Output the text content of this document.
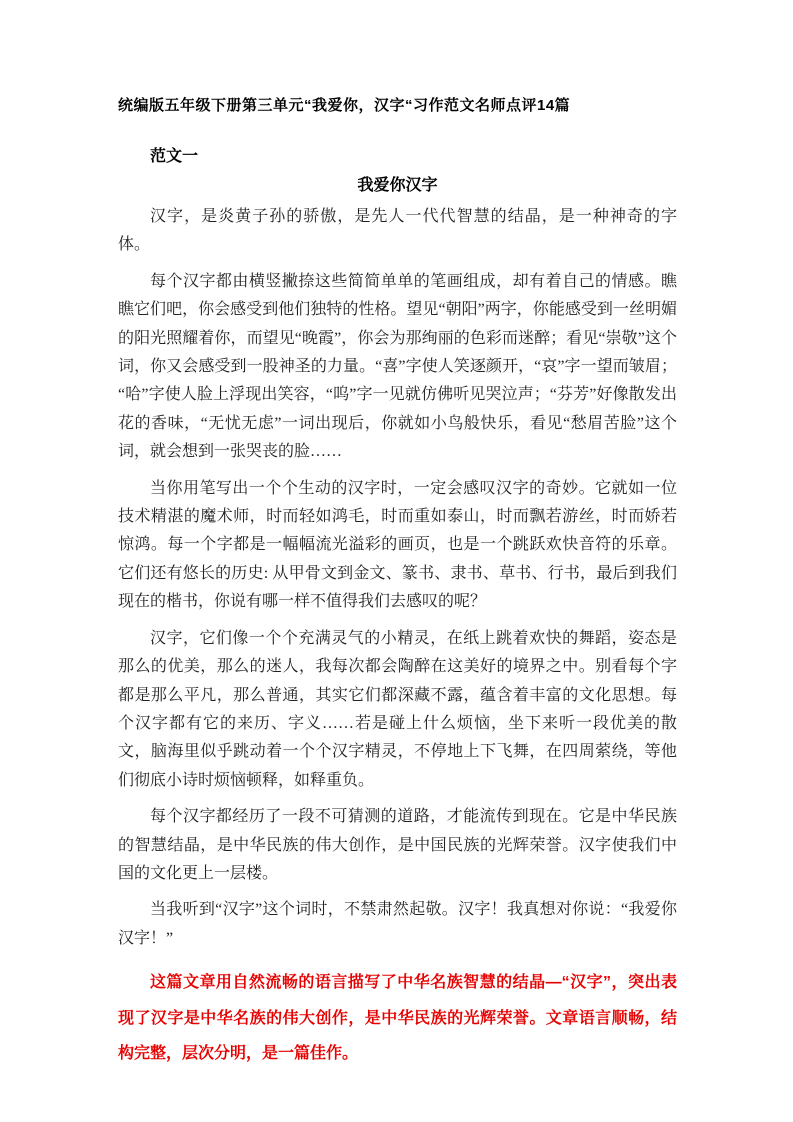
统编版五年级下册第三单元“我爱你，汉字“习作范文名师点评14篇
范文一
我爱你汉字

汉字，是炎黄子孙的骄傲，是先人一代代智慧的结晶，是一种神奇的字体。

每个汉字都由横竖撇捺这些简简单单的笔画组成，却有着自己的情感。瞧瞧它们吧，你会感受到他们独特的性格。望见“朝阳”两字，你能感受到一丝明媚的阳光照耀着你，而望见“晚霞”，你会为那绚丽的色彩而迷醉；看见“崇敬”这个词，你又会感受到一股神圣的力量。“喜”字使人笑逐颜开，“哀”字一望而皱眉；“哈”字使人脸上浮现出笑容，“呜”字一见就仿佛听见哭泣声；“芬芳”好像散发出花的香味，“无忧无虑”一词出现后，你就如小鸟般快乐，看见“愁眉苦脸”这个词，就会想到一张哭丧的脸……

当你用笔写出一个个生动的汉字时，一定会感叹汉字的奇妙。它就如一位技术精湛的魔术师，时而轻如鸿毛，时而重如泰山，时而飘若游丝，时而娇若惊鸿。每一个字都是一幅幅流光溢彩的画页，也是一个跳跃欢快音符的乐章。它们还有悠长的历史: 从甲骨文到金文、篆书、隶书、草书、行书，最后到我们现在的楷书，你说有哪一样不值得我们去感叹的呢？

汉字，它们像一个个充满灵气的小精灵，在纸上跳着欢快的舞蹈，姿态是那么的优美，那么的迷人，我每次都会陶醉在这美好的境界之中。别看每个字都是那么平凡，那么普通，其实它们都深藏不露，蕴含着丰富的文化思想。每个汉字都有它的来历、字义……若是碰上什么烦恼，坐下来听一段优美的散文，脑海里似乎跳动着一个个汉字精灵，不停地上下飞舞，在四周萦绕，等他们彻底小诗时烦恼顿释，如释重负。

每个汉字都经历了一段不可猜测的道路，才能流传到现在。它是中华民族的智慧结晶，是中华民族的伟大创作，是中国民族的光辉荣誉。汉字使我们中国的文化更上一层楼。

当我听到“汉字”这个词时，不禁肃然起敬。汉字！我真想对你说：“我爱你汉字！”

这篇文章用自然流畅的语言描写了中华名族智慧的结晶—“汉字”，突出表现了汉字是中华名族的伟大创作，是中华民族的光辉荣誉。文章语言顺畅，结构完整，层次分明，是一篇佳作。
